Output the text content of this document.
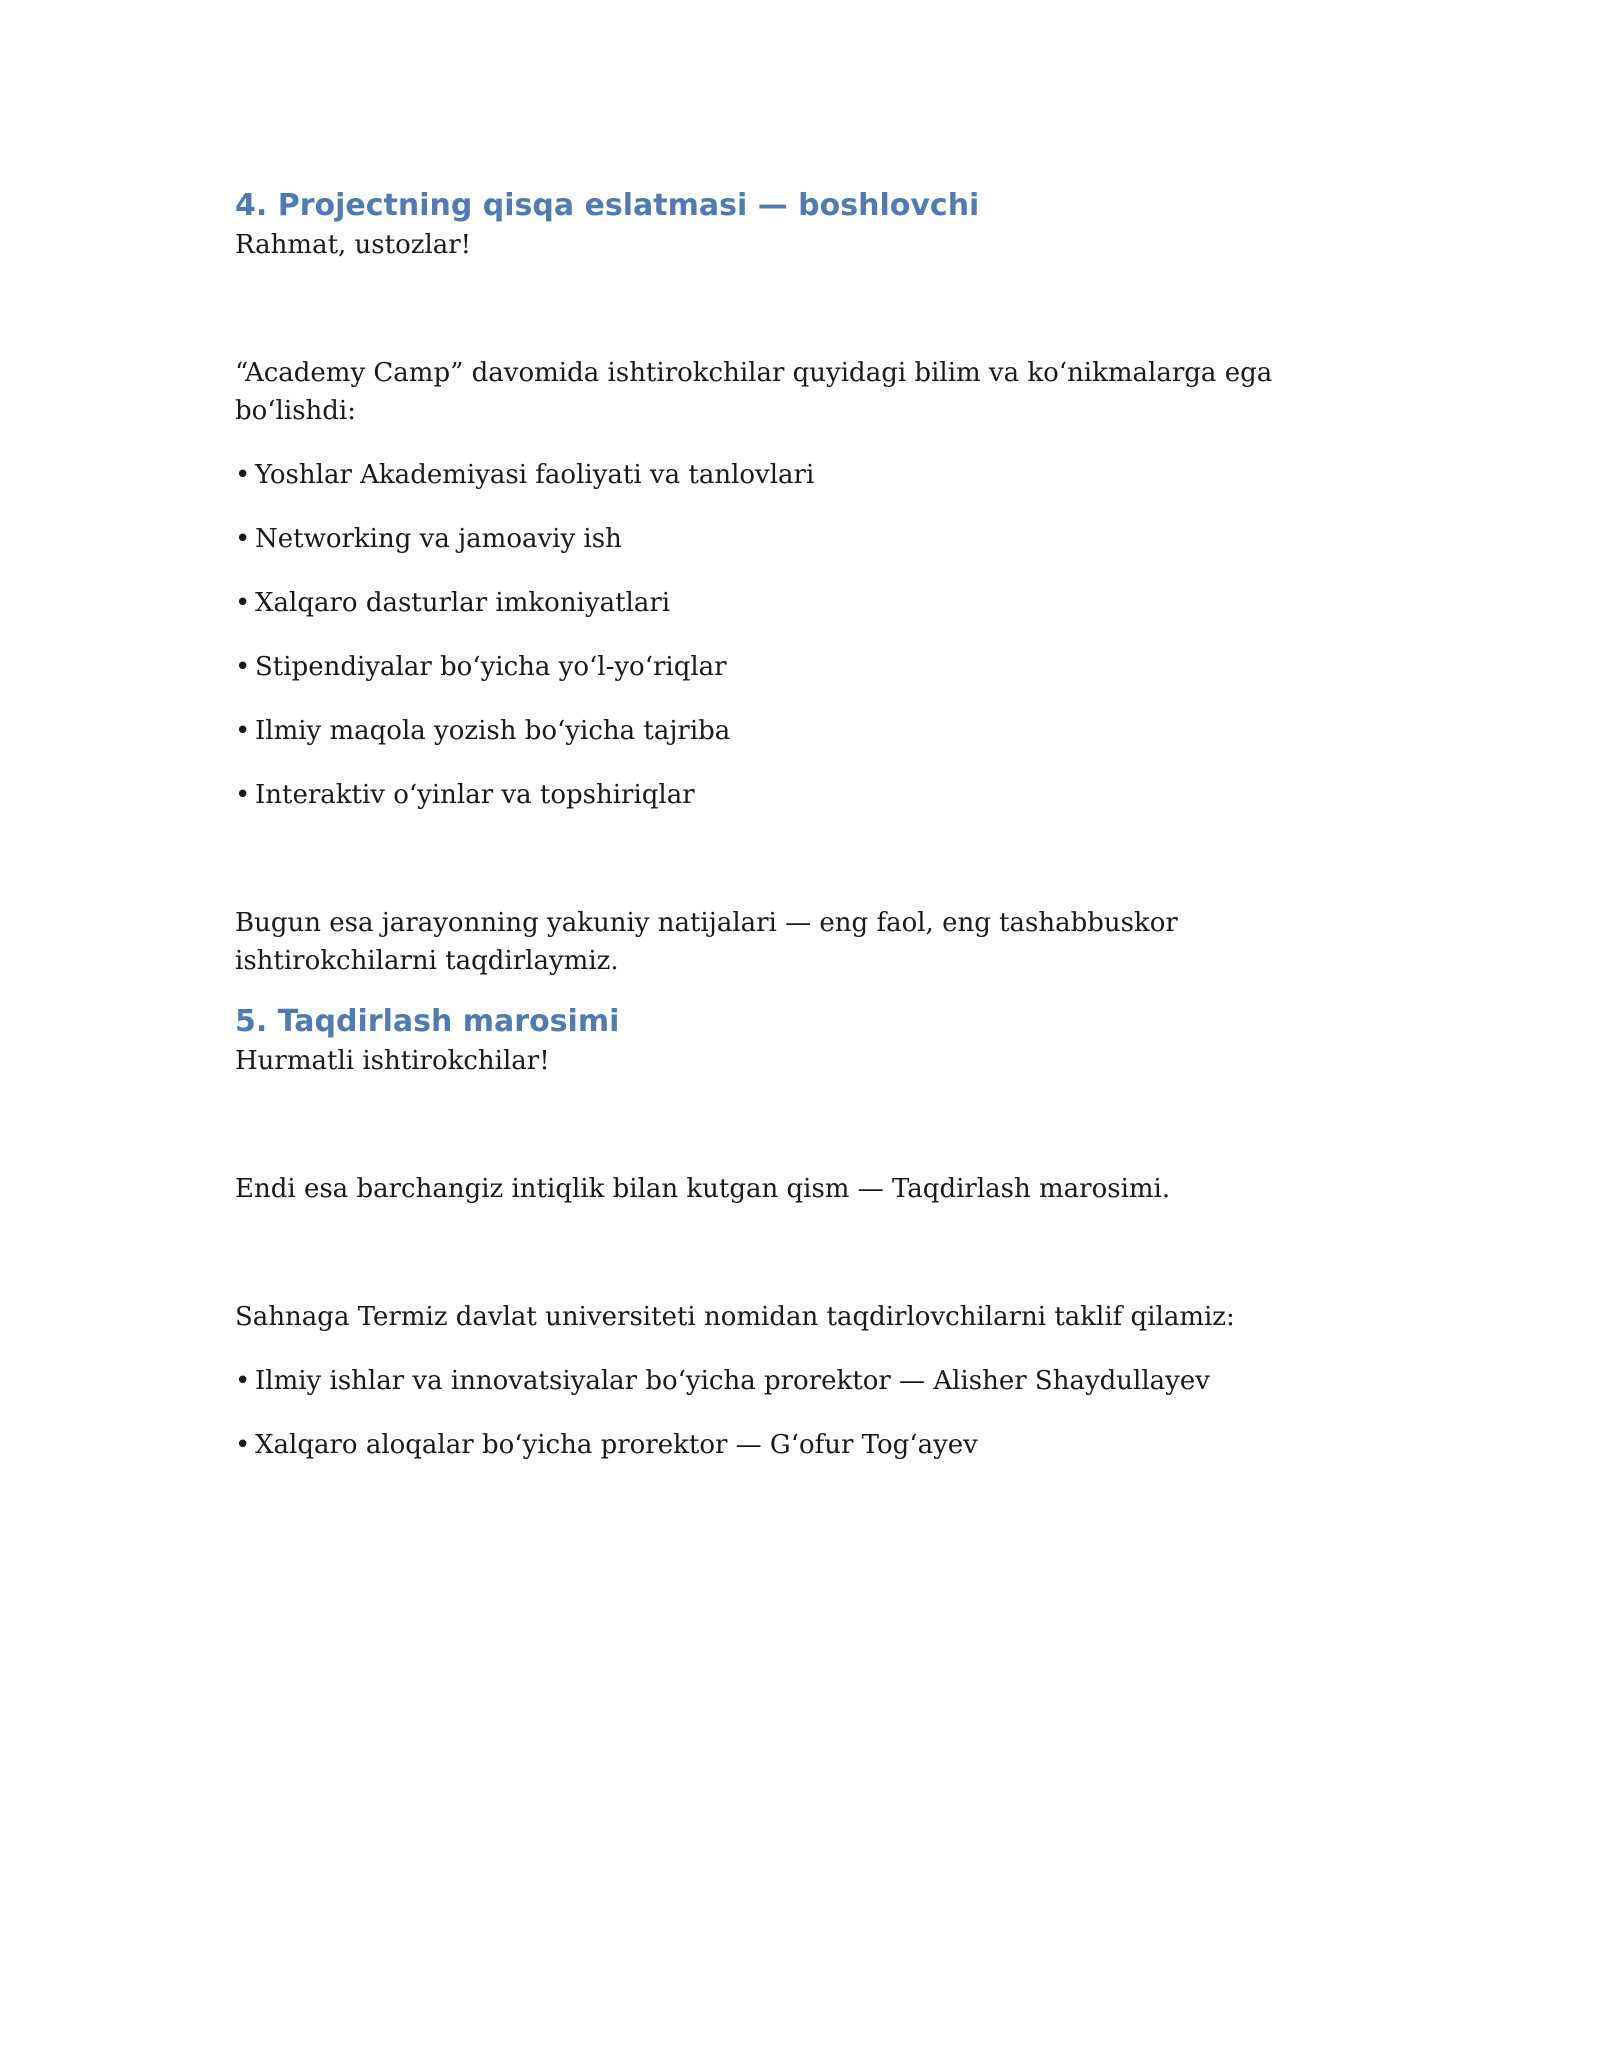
4. Projectning qisqa eslatmasi — boshlovchi

Rahmat, ustozlar!

“Academy Camp” davomida ishtirokchilar quyidagi bilim va ko‘nikmalarga ega bo‘lishdi:

• Yoshlar Akademiyasi faoliyati va tanlovlari
• Networking va jamoaviy ish
• Xalqaro dasturlar imkoniyatlari
• Stipendiyalar bo‘yicha yo‘l-yo‘riqlar
• Ilmiy maqola yozish bo‘yicha tajriba
• Interaktiv o‘yinlar va topshiriqlar

Bugun esa jarayonning yakuniy natijalari — eng faol, eng tashabbuskor ishtirokchilarni taqdirlaymiz.

5. Taqdirlash marosimi

Hurmatli ishtirokchilar!

Endi esa barchangiz intiqlik bilan kutgan qism — Taqdirlash marosimi.

Sahnaga Termiz davlat universiteti nomidan taqdirlovchilarni taklif qilamiz:

• Ilmiy ishlar va innovatsiyalar bo‘yicha prorektor — Alisher Shaydullayev
• Xalqaro aloqalar bo‘yicha prorektor — G‘ofur Tog‘ayev
